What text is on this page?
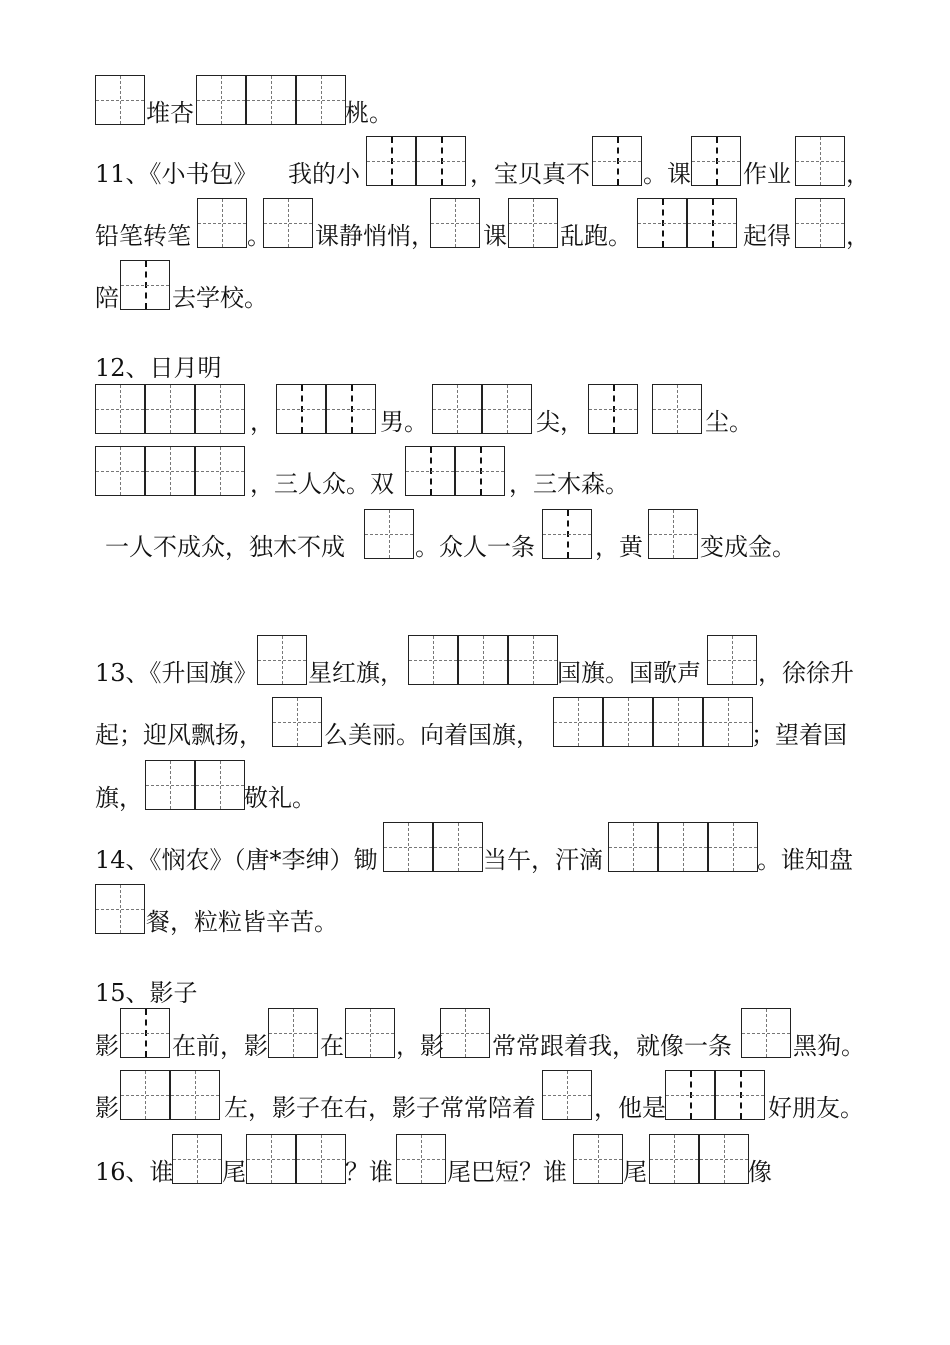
堆杏	桃。
11、《小书包》 我的小	，宝贝真不 。课 作业 ，
铅笔转笔 。 课静悄悄， 课 乱跑。	起得 ，
陪 去学校。
12、日月明
，	男。	尖，	尘。
，三人众。双	，三木森。
一人不成众，独木不成	。众人一条	，黄 变成金。
13、《升国旗》 星红旗，	国旗。国歌声 ，徐徐升
起；迎风飘扬，	么美丽。向着国旗，	；望着国
旗，	敬礼。
14、《悯农》（唐*李绅）锄	当午，汗滴	。谁知盘
餐，粒粒皆辛苦。
15、影子
影 在前，影 在 ，影 常常跟着我，就像一条	黑狗。
影	左，影子在右，影子常常陪着 ，他是	好朋友。
16、谁 尾	？谁 尾巴短？谁 尾	像
